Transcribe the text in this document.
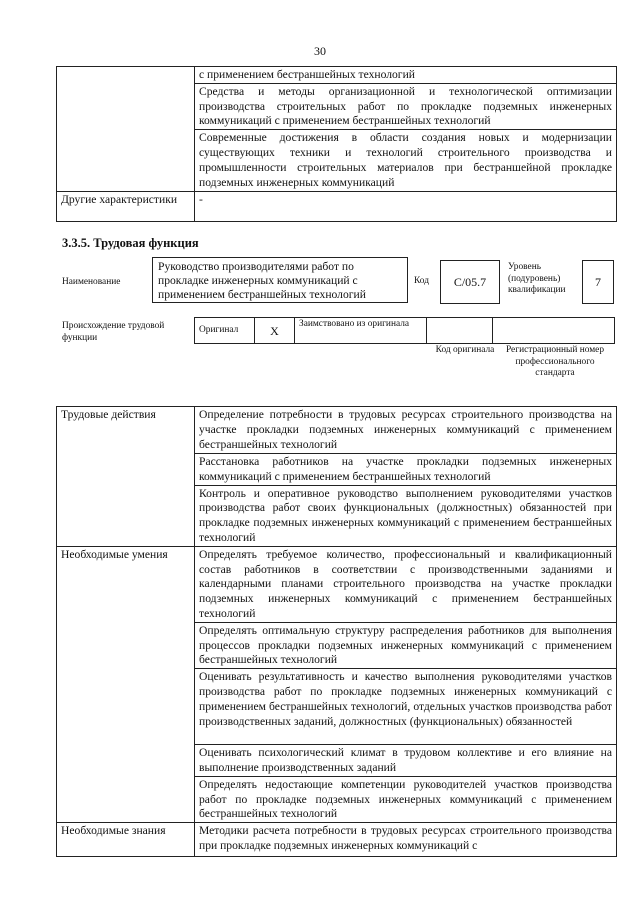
30
	с применением бестраншейных технологий
	Средства и методы организационной и технологической оптимизации производства строительных работ по прокладке подземных инженерных коммуникаций с применением бестраншейных технологий
	Современные достижения в области создания новых и модернизации существующих техники и технологий строительного производства и промышленности строительных материалов при бестраншейной прокладке подземных инженерных коммуникаций
Другие характеристики	-
3.3.5. Трудовая функция
Наименование
Руководство производителями работ по прокладке инженерных коммуникаций с применением бестраншейных технологий
Код	С/05.7
Уровень (подуровень) квалификации
7
Происхождение трудовой функции
Оригинал	Х	Заимствовано из оригинала		
Код оригинала	Регистрационный номер профессионального стандарта
Трудовые действия	Определение потребности в трудовых ресурсах строительного производства на участке прокладки подземных инженерных коммуникаций с применением бестраншейных технологий
	Расстановка работников на участке прокладки подземных инженерных коммуникаций с применением бестраншейных технологий
	Контроль и оперативное руководство выполнением руководителями участков производства работ своих функциональных (должностных) обязанностей при прокладке подземных инженерных коммуникаций с применением бестраншейных технологий
Необходимые умения	Определять требуемое количество, профессиональный и квалификационный состав работников в соответствии с производственными заданиями и календарными планами строительного производства на участке прокладки подземных инженерных коммуникаций с применением бестраншейных технологий
	Определять оптимальную структуру распределения работников для выполнения процессов прокладки подземных инженерных коммуникаций с применением бестраншейных технологий
	Оценивать результативность и качество выполнения руководителями участков производства работ по прокладке подземных инженерных коммуникаций с применением бестраншейных технологий, отдельных участков производства работ производственных заданий, должностных (функциональных) обязанностей
	Оценивать психологический климат в трудовом коллективе и его влияние на выполнение производственных заданий
	Определять недостающие компетенции руководителей участков производства работ по прокладке подземных инженерных коммуникаций с применением бестраншейных технологий
Необходимые знания	Методики расчета потребности в трудовых ресурсах строительного производства при прокладке подземных инженерных коммуникаций с
